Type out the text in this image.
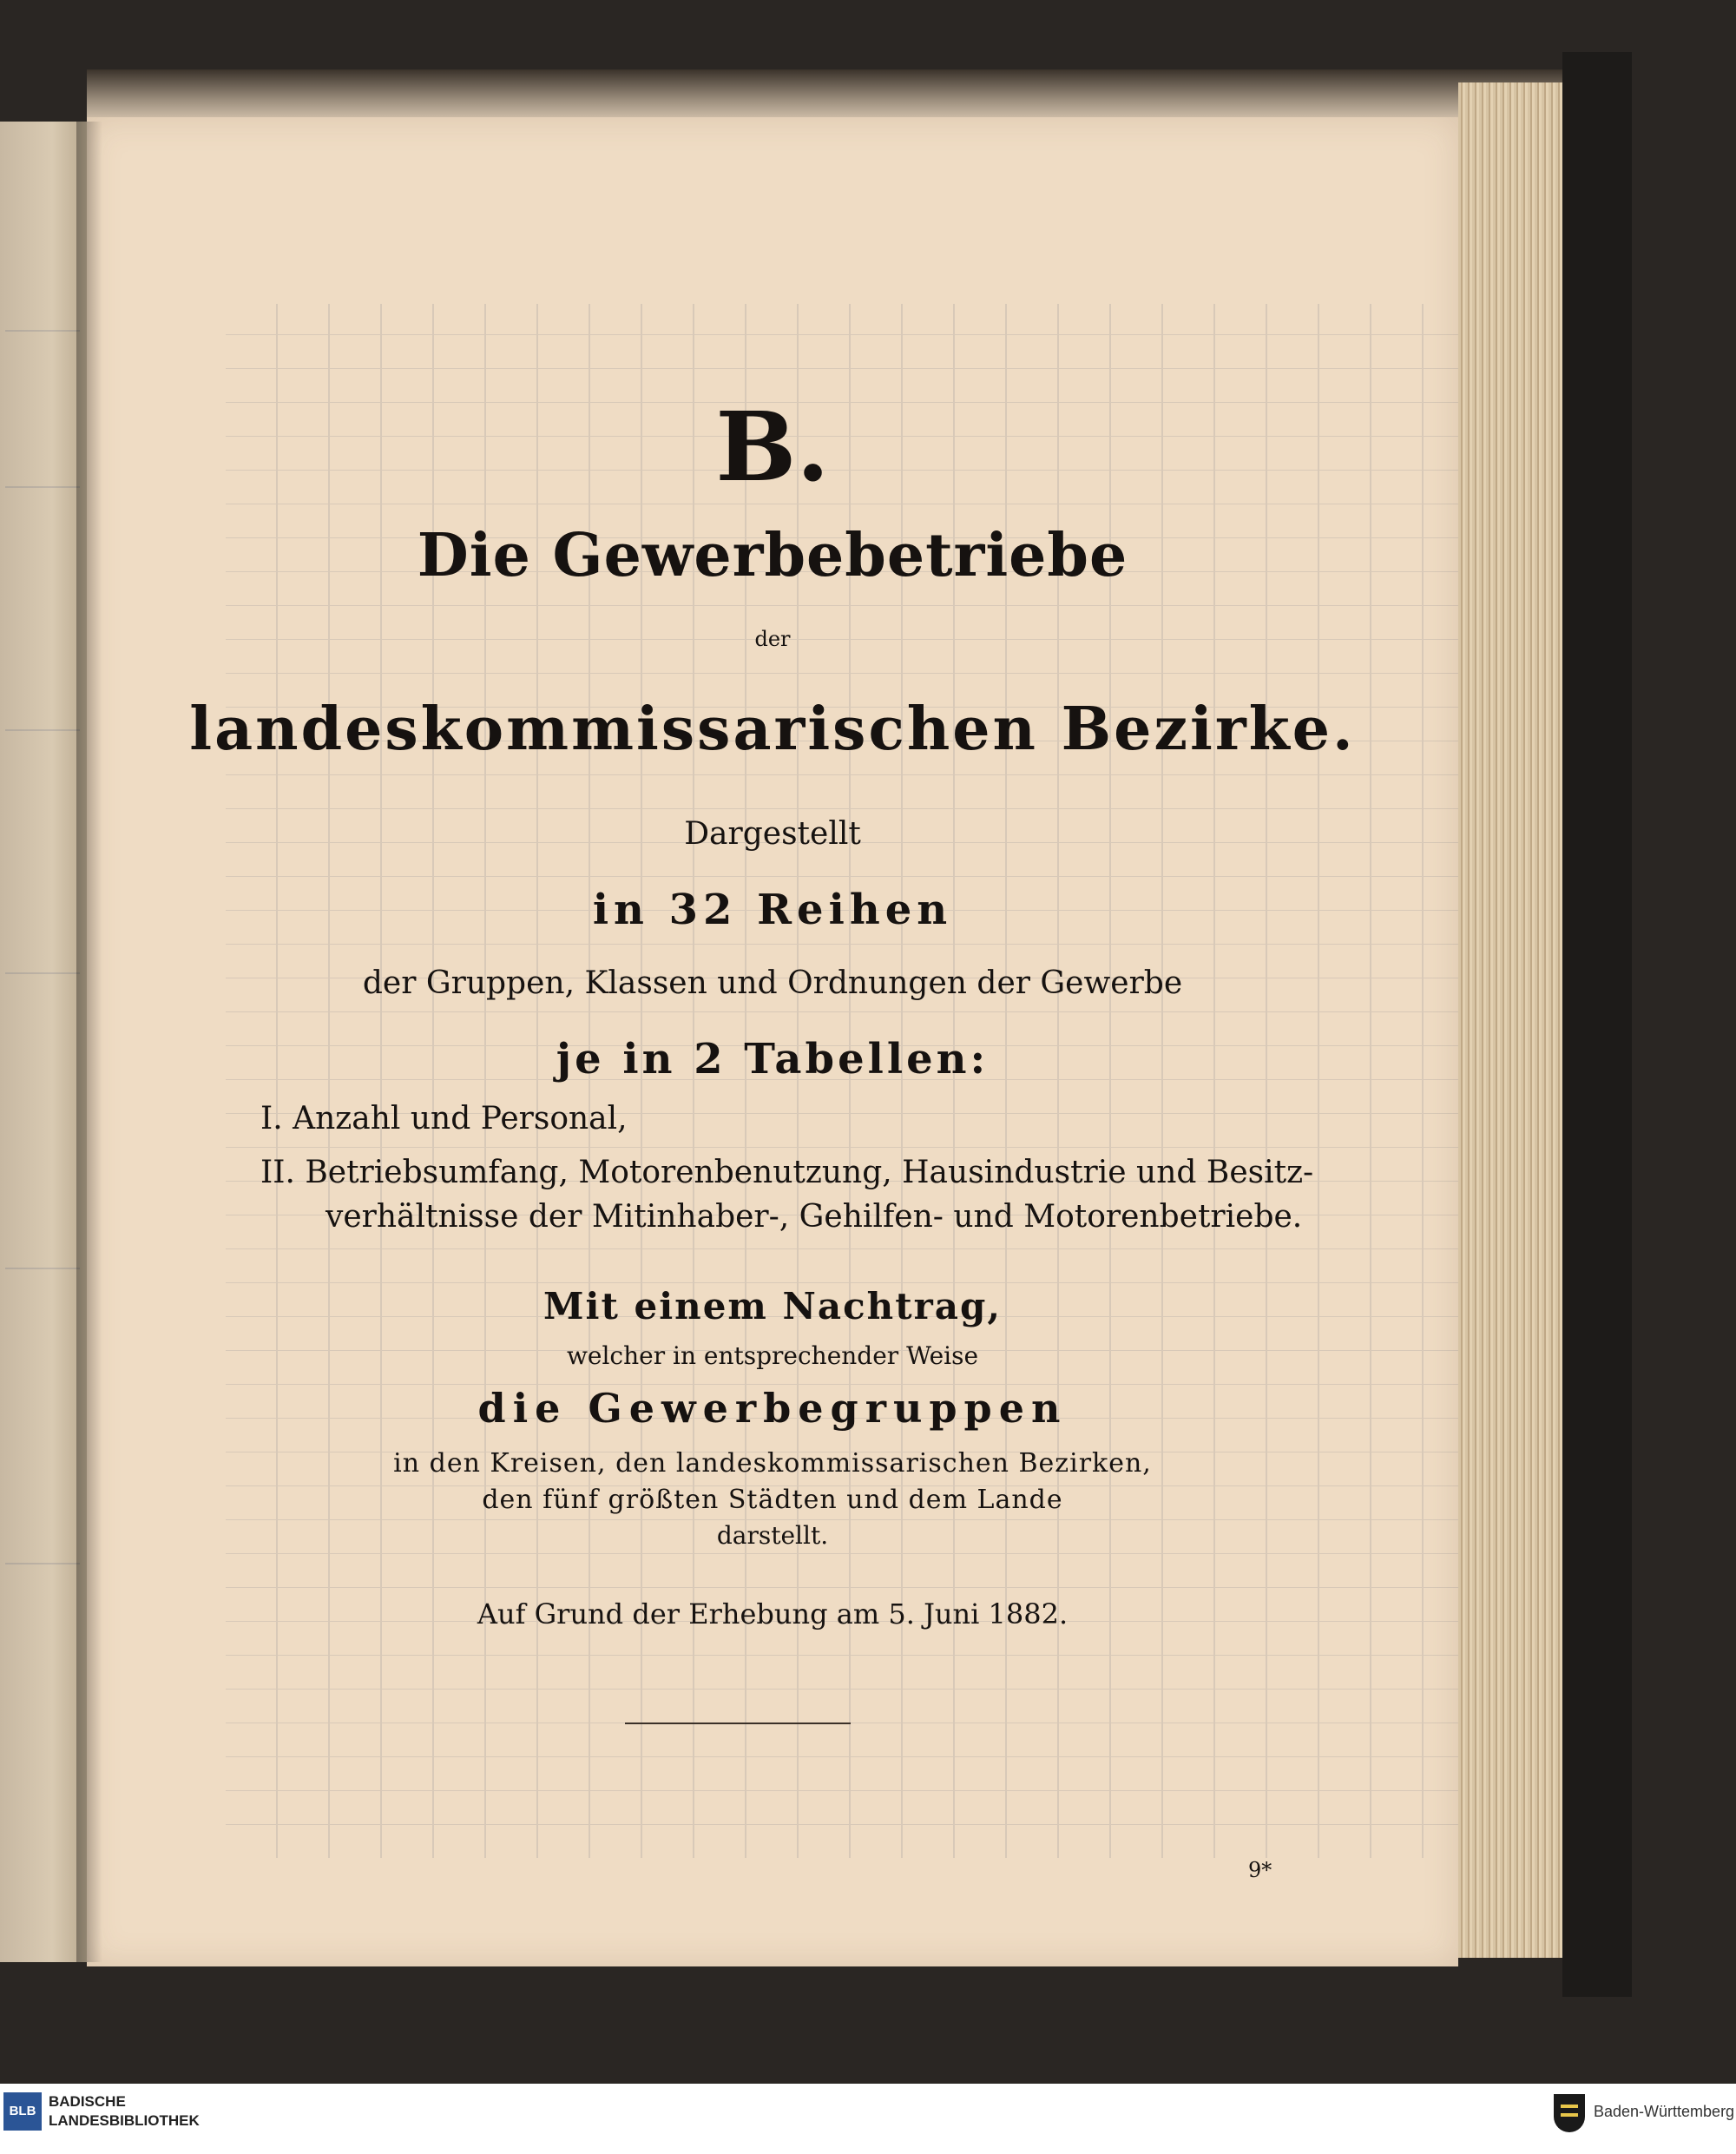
B.
Die Gewerbebetriebe
der
landeskommissarischen Bezirke.
Dargestellt
in 32 Reihen
der Gruppen, Klassen und Ordnungen der Gewerbe
je in 2 Tabellen:
I. Anzahl und Personal,
II. Betriebsumfang, Motorenbenutzung, Hausindustrie und Besitz-
verhältnisse der Mitinhaber-, Gehilfen- und Motorenbetriebe.
Mit einem Nachtrag,
welcher in entsprechender Weise
die Gewerbegruppen
in den Kreisen, den landeskommissarischen Bezirken,
den fünf größten Städten und dem Lande
darstellt.
Auf Grund der Erhebung am 5. Juni 1882.
9*
BLB
BADISCHE
LANDESBIBLIOTHEK
Baden-Württemberg
